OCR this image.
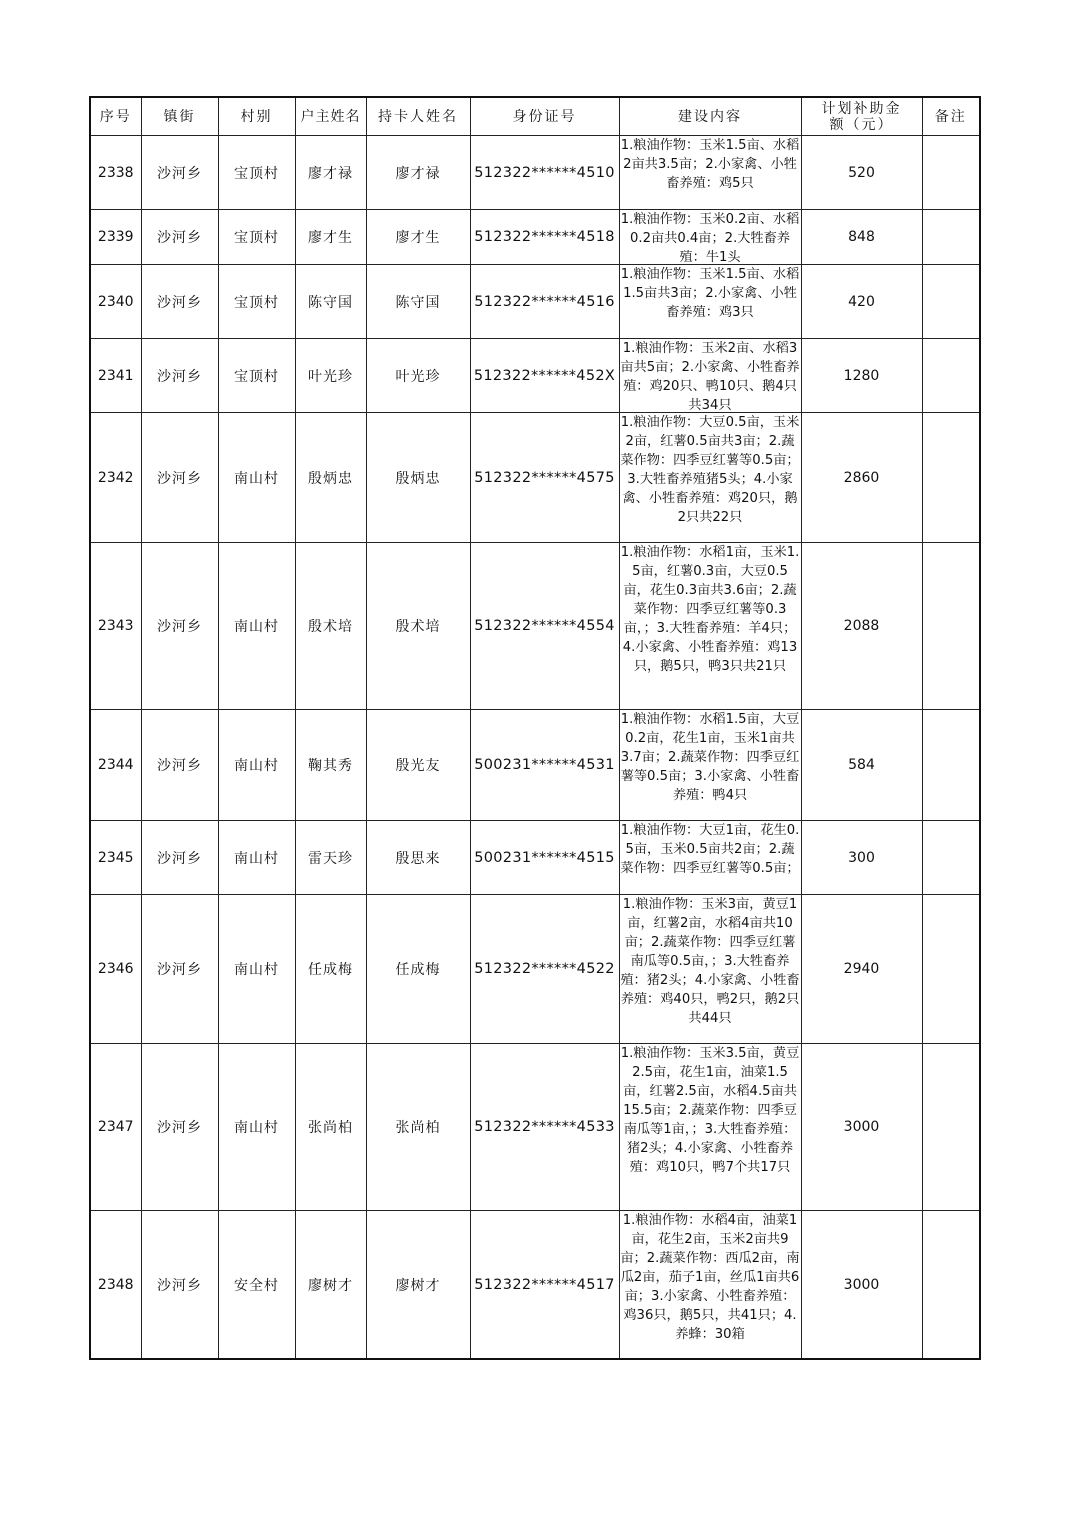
序号	镇街	村别	户主姓名	持卡人姓名	身份证号	建设内容	计划补助金额（元）	备注
2338	沙河乡	宝顶村	廖才禄	廖才禄	512322******4510	1.粮油作物：玉米1.5亩、水稻2亩共3.5亩；2.小家禽、小牲畜养殖：鸡5只	520	
2339	沙河乡	宝顶村	廖才生	廖才生	512322******4518	1.粮油作物：玉米0.2亩、水稻0.2亩共0.4亩；2.大牲畜养殖：牛1头	848	
2340	沙河乡	宝顶村	陈守国	陈守国	512322******4516	1.粮油作物：玉米1.5亩、水稻1.5亩共3亩；2.小家禽、小牲畜养殖：鸡3只	420	
2341	沙河乡	宝顶村	叶光珍	叶光珍	512322******452X	1.粮油作物：玉米2亩、水稻3亩共5亩；2.小家禽、小牲畜养殖：鸡20只、鸭10只、鹅4只共34只	1280	
2342	沙河乡	南山村	殷炳忠	殷炳忠	512322******4575	1.粮油作物：大豆0.5亩，玉米2亩，红薯0.5亩共3亩；2.蔬菜作物：四季豆红薯等0.5亩；3.大牲畜养殖猪5头；4.小家禽、小牲畜养殖：鸡20只，鹅2只共22只	2860	
2343	沙河乡	南山村	殷术培	殷术培	512322******4554	1.粮油作物：水稻1亩，玉米1.5亩，红薯0.3亩，大豆0.5亩，花生0.3亩共3.6亩；2.蔬菜作物：四季豆红薯等0.3亩，；3.大牲畜养殖：羊4只；4.小家禽、小牲畜养殖：鸡13只，鹅5只，鸭3只共21只	2088	
2344	沙河乡	南山村	鞠其秀	殷光友	500231******4531	1.粮油作物：水稻1.5亩，大豆0.2亩，花生1亩，玉米1亩共3.7亩；2.蔬菜作物：四季豆红薯等0.5亩；3.小家禽、小牲畜养殖：鸭4只	584	
2345	沙河乡	南山村	雷天珍	殷思来	500231******4515	1.粮油作物：大豆1亩，花生0.5亩，玉米0.5亩共2亩；2.蔬菜作物：四季豆红薯等0.5亩；	300	
2346	沙河乡	南山村	任成梅	任成梅	512322******4522	1.粮油作物：玉米3亩，黄豆1亩，红薯2亩，水稻4亩共10亩；2.蔬菜作物：四季豆红薯南瓜等0.5亩，；3.大牲畜养殖：猪2头；4.小家禽、小牲畜养殖：鸡40只，鸭2只，鹅2只共44只	2940	
2347	沙河乡	南山村	张尚柏	张尚柏	512322******4533	1.粮油作物：玉米3.5亩，黄豆2.5亩，花生1亩，油菜1.5亩，红薯2.5亩，水稻4.5亩共15.5亩；2.蔬菜作物：四季豆南瓜等1亩，；3.大牲畜养殖：猪2头；4.小家禽、小牲畜养殖：鸡10只，鸭7个共17只	3000	
2348	沙河乡	安全村	廖树才	廖树才	512322******4517	1.粮油作物：水稻4亩，油菜1亩，花生2亩，玉米2亩共9亩；2.蔬菜作物：西瓜2亩，南瓜2亩，茄子1亩，丝瓜1亩共6亩；3.小家禽、小牲畜养殖：鸡36只，鹅5只，共41只；4.养蜂：30箱	3000	
